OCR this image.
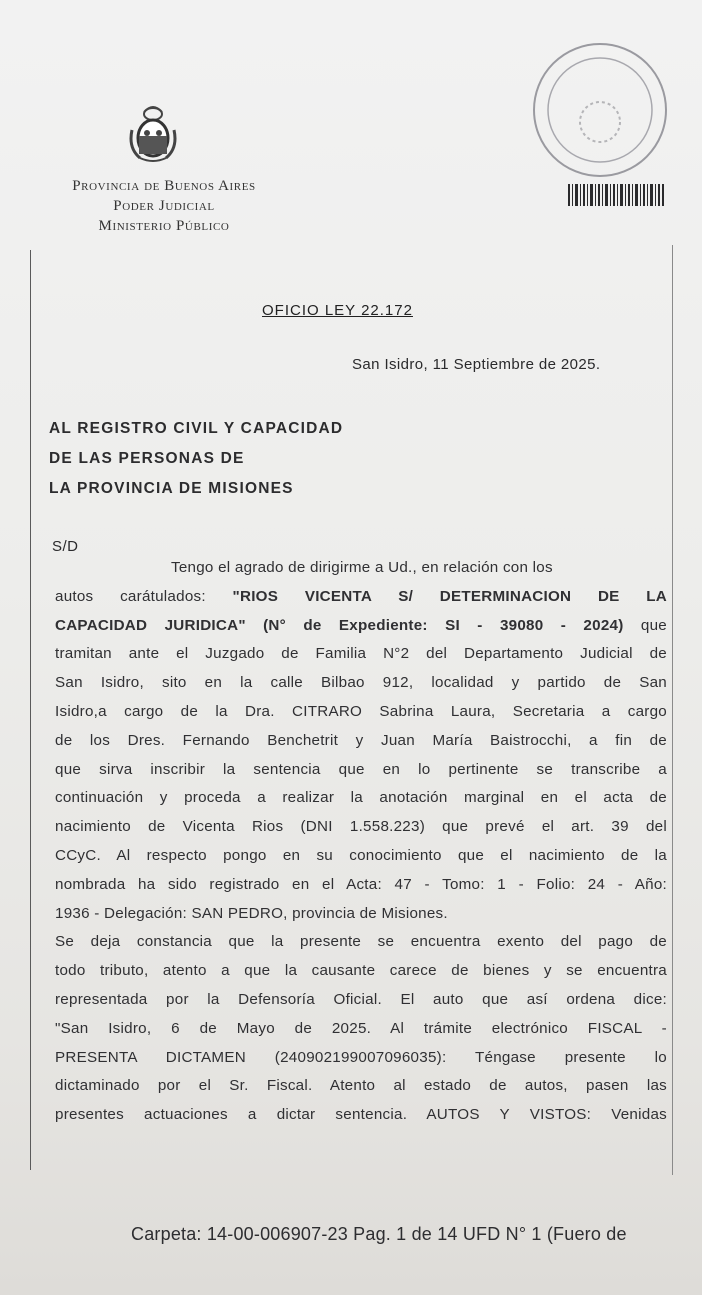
Provincia de Buenos Aires
Poder Judicial
Ministerio Público
OFICIO LEY 22.172
San Isidro, 11 Septiembre de 2025.
AL REGISTRO CIVIL Y CAPACIDAD
DE LAS PERSONAS DE
LA PROVINCIA DE MISIONES
S/D
Tengo el agrado de dirigirme a Ud., en relación con los
autos carátulados: "RIOS VICENTA S/ DETERMINACION DE LA
CAPACIDAD JURIDICA" (N° de Expediente: SI - 39080 - 2024) que
tramitan ante el Juzgado de Familia N°2 del Departamento Judicial de
San Isidro, sito en la calle Bilbao 912, localidad y partido de San
Isidro,a cargo de la Dra. CITRARO Sabrina Laura, Secretaria a cargo
de los Dres. Fernando Benchetrit y Juan María Baistrocchi, a fin de
que sirva inscribir la sentencia que en lo pertinente se transcribe a
continuación y proceda a realizar la anotación marginal en el acta de
nacimiento de Vicenta Rios (DNI 1.558.223) que prevé el art. 39 del
CCyC. Al respecto pongo en su conocimiento que el nacimiento de la
nombrada ha sido registrado en el Acta: 47 - Tomo: 1 - Folio: 24 - Año:
1936 - Delegación: SAN PEDRO, provincia de Misiones.
Se deja constancia que la presente se encuentra exento del pago de
todo tributo, atento a que la causante carece de bienes y se encuentra
representada por la Defensoría Oficial. El auto que así ordena dice:
"San Isidro, 6 de Mayo de 2025. Al trámite electrónico FISCAL -
PRESENTA DICTAMEN (240902199007096035): Téngase presente lo
dictaminado por el Sr. Fiscal. Atento al estado de autos, pasen las
presentes actuaciones a dictar sentencia. AUTOS Y VISTOS: Venidas
Carpeta: 14-00-006907-23 Pag. 1 de 14 UFD N° 1 (Fuero de
